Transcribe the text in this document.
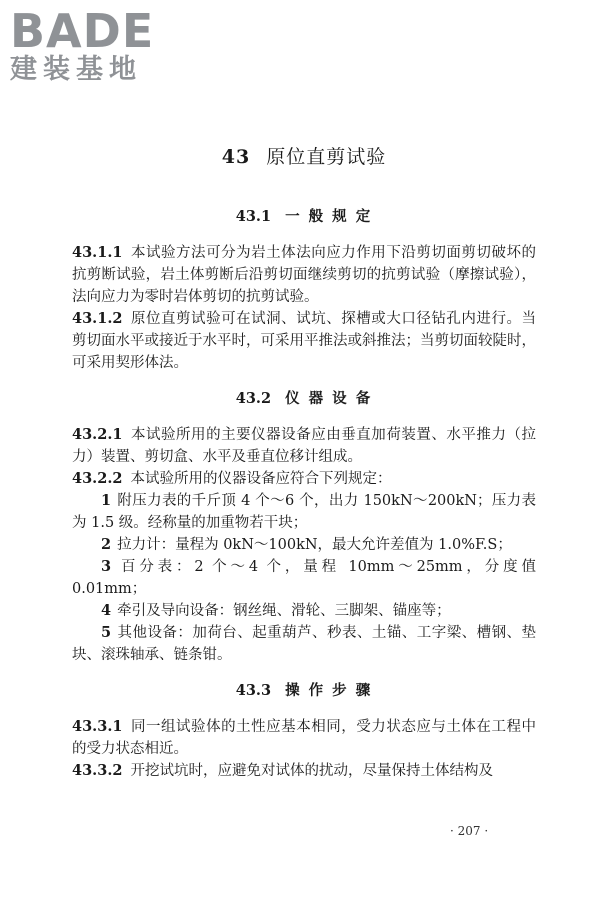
BADE
建装基地
43 原位直剪试验
43.1 一 般 规 定

43.1.1 本试验方法可分为岩土体法向应力作用下沿剪切面剪切破坏的抗剪断试验，岩土体剪断后沿剪切面继续剪切的抗剪试验（摩擦试验），法向应力为零时岩体剪切的抗剪试验。

43.1.2 原位直剪试验可在试洞、试坑、探槽或大口径钻孔内进行。当剪切面水平或接近于水平时，可采用平推法或斜推法；当剪切面较陡时，可采用契形体法。

43.2 仪 器 设 备

43.2.1 本试验所用的主要仪器设备应由垂直加荷装置、水平推力（拉力）装置、剪切盒、水平及垂直位移计组成。

43.2.2 本试验所用的仪器设备应符合下列规定：

1 附压力表的千斤顶 4 个～6 个，出力 150kN～200kN；压力表为 1.5 级。经称量的加重物若干块；

2 拉力计：量程为 0kN～100kN，最大允许差值为 1.0%F.S；

3 百分表：2 个～4 个，量程 10mm～25mm，分度值 0.01mm；

4 牵引及导向设备：钢丝绳、滑轮、三脚架、锚座等；

5 其他设备：加荷台、起重葫芦、秒表、土锚、工字梁、槽钢、垫块、滚珠轴承、链条钳。

43.3 操 作 步 骤

43.3.1 同一组试验体的土性应基本相同，受力状态应与土体在工程中的受力状态相近。

43.3.2 开挖试坑时，应避免对试体的扰动，尽量保持土体结构及

· 207 ·
